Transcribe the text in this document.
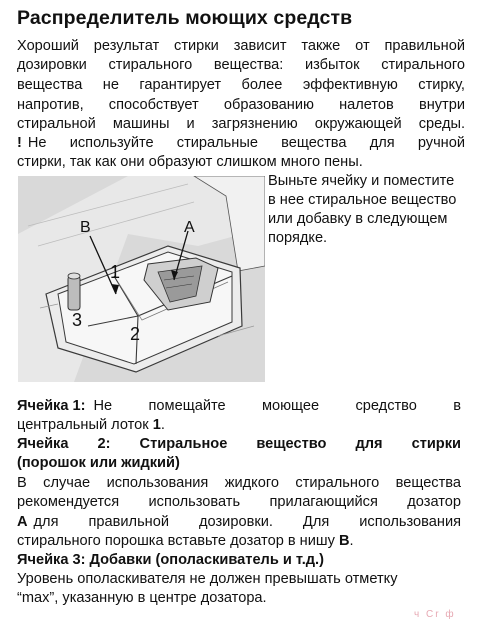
Распределитель моющих средств
Хороший результат стирки зависит также от правильной
дозировки стирального вещества: избыток стирального
вещества не гарантирует более эффективную стирку,
напротив, способствует образованию налетов внутри
стиральной машины и загрязнению окружающей среды.
! Не используйте стиральные вещества для ручной
стирки, так как они образуют слишком много пены.
B	A
1
2
3
Выньте ячейку и поместите
в нее стиральное вещество
или добавку в следующем
порядке.
Ячейка 1: Не помещайте моющее средство в
центральный лоток 1.
Ячейка 2: Стиральное вещество для стирки
(порошок или жидкий)
В случае использования жидкого стирального вещества
рекомендуется использовать прилагающийся дозатор
A для правильной дозировки. Для использования
стирального порошка вставьте дозатор в нишу B.
Ячейка 3: Добавки (ополаскиватель и т.д.)
Уровень ополаскивателя не должен превышать отметку
“max”, указанную в центре дозатора.
ч Cr ф
